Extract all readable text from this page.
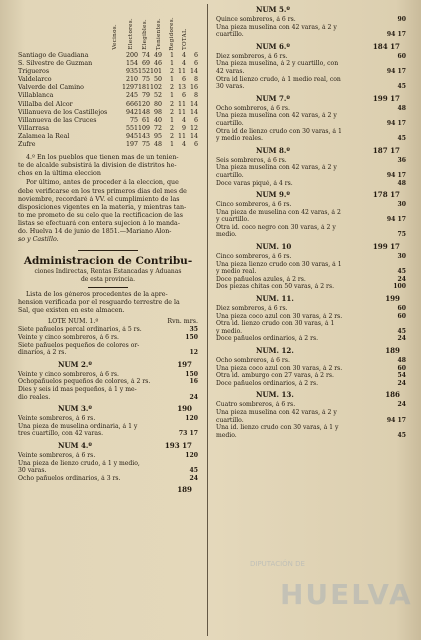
Vecinos. Electores. Elegibles. Tenientes. Regidores. TOTAL
Santiago de Guadiana	200 74 49	1	4	6
S. Silvestre de Guzman	154 69 46	1	4	6
Trigueros	935 152 101	2 11 14
Valdelarco	210 75 50	1	6	8
Valverde del Camino	1297 181 102	2 13 16
Villablanca	245 79 52	1	6	8
Villalba del Alcor	666 120 80	2 11 14
Villanueva de los Castillejos	942 148 98	2 11 14
Villanueva de las Cruces	75 61 40	1	4	6
Villarrasa	551 109 72	2	9 12
Zalamea la Real	945 143 95	2 11 14
Zufre	197 75 48	1	4	6
4.º En los pueblos que tienen mas de un tenien-
te de alcalde subsistirá la division de distritos he-
chos en la última eleccion
Por último, antes de proceder á la eleccion, que
debe verificarse en los tres primeros dias del mes de
noviembre, recordaré á VV. el cumplimiento de las
disposiciones vigentes en la materia, y mientras tan-
to me prometo de su celo que la rectificacion de las
listas se efectuará con entera sujecion á lo manda-
do. Huelva 14 de junio de 1851.—Mariano Alon-
so y Castillo.
Administracion de Contribu-
ciones Indirectas, Rentas Estancadas y Aduanas
de esta provincia.
Lista de los géneros procedentes de la apre-
hension verificada por el resguardo terrestre de la
Sal, que existen en este almacen.
LOTE NUM. 1.º	Rvn. mrs.
Siete pañuelos percal ordinarios, á 5 rs.	35
Veinte y cinco sombreros, á 6 rs.	150
Siete pañuelos pequeños de colores or-
dinarios, á 2 rs.	12
NUM 2.º	197
Veinte y cinco sombreros, á 6 rs.	150
Ochopañuelos pequeños de colores, á 2 rs.	16
Dies y seis id mas pequeños, á 1 y me-
dio reales.	24
NUM 3.º	190
Veinte sombreros, á 6 rs.	120
Una pieza de muselina ordinaria, á 1 y
tres cuartillo, con 42 varas.	73 17
NUM 4.º	193 17
Veinte sombreros, á 6 rs.	120
Una pieza de lienzo crudo, á 1 y medio,
30 varas.	45
Ocho pañuelos ordinarios, á 3 rs.	24
189
NUM 5.º
Quince sombreros, á 6 rs.	90
Una pieza muselina con 42 varas, á 2 y
cuartillo.	94 17
NUM 6.º	184 17
Diez sombreros, á 6 rs.	60
Una pieza muselina, á 2 y cuartillo, con
42 varas.	94 17
Otra id lienzo crudo, á 1 medio real, con
30 varas.	45
NUM 7.º	199 17
Ocho sombreros, á 6 rs.	48
Una pieza muselina con 42 varas, á 2 y
cuartillo.	94 17
Otra id de lienzo crudo con 30 varas, á 1
y medio reales.	45
NUM 8.º	187 17
Seis sombreros, á 6 rs.	36
Una pieza muselina con 42 varas, á 2 y
cuartillo.	94 17
Doce varas piqué, á 4 rs.	48
NUM 9.º	178 17
Cinco sombreros, á 6 rs.	30
Una pieza de muselina con 42 varas, á 2
y cuartillo.	94 17
Otra id. coco negro con 30 varas, á 2 y
medio.	75
NUM. 10	199 17
Cinco sombreros, á 6 rs.	30
Una pieza lienzo crudo con 30 varas, á 1
y medio real.	45
Doce pañuelos azules, á 2 rs.	24
Dos piezas chitas con 50 varas, á 2 rs.	100
NUM. 11.	199
Diez sombreros, á 6 rs.	60
Una pieza coco azul con 30 varas, á 2 rs.	60
Otra id. lienzo crudo con 30 varas, á 1
y medio.	45
Doce pañuelos ordinarios, á 2 rs.	24
NUM. 12.	189
Ocho sombreros, á 6 rs.	48
Una pieza coco azul con 30 varas, á 2 rs.	60
Otra id. amburgo con 27 varas, á 2 rs.	54
Doce pañuelos ordinarios, á 2 rs.	24
NUM. 13.	186
Cuatro sombreros, á 6 rs.	24
Una pieza muselina con 42 varas, á 2 y
cuartillo.	94 17
Una id. lienzo crudo con 30 varas, á 1 y
medio.	45
DIPUTACIÓN DE
HUELVA
